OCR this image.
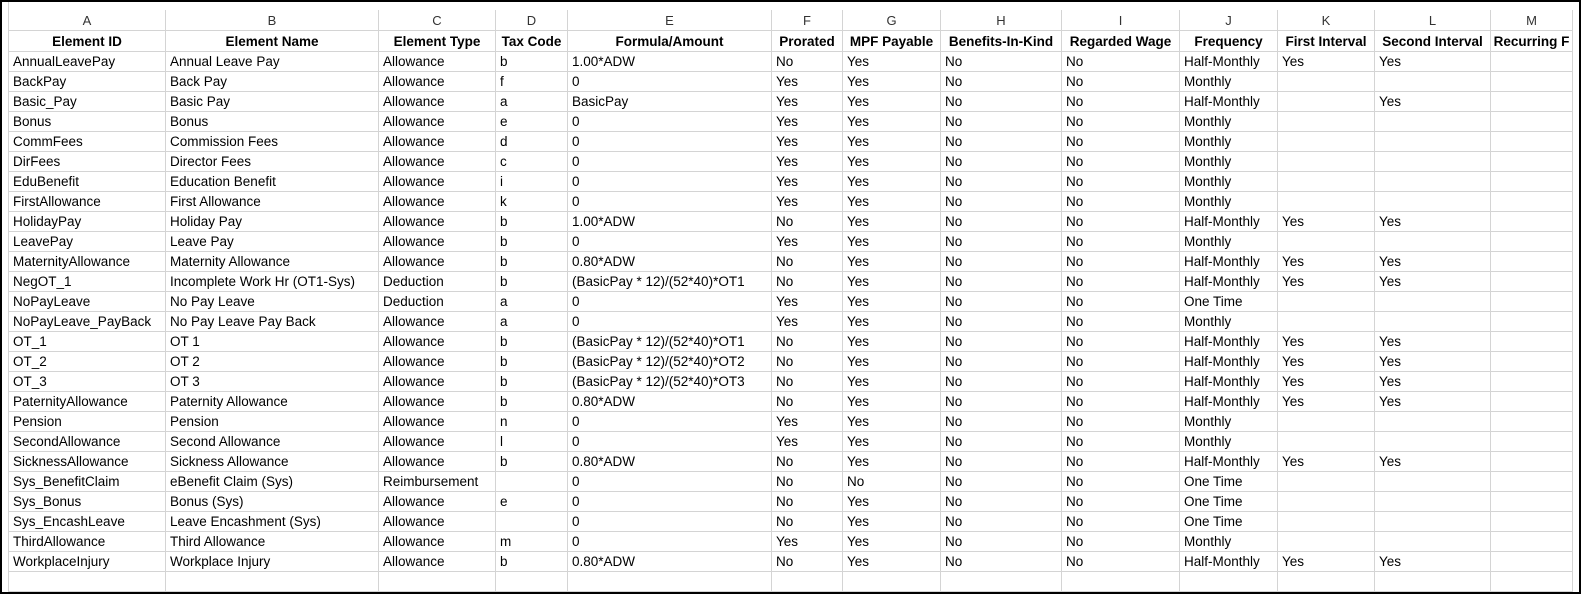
A	B	C	D	E	F	G	H	I	J	K	L	M
Element ID	Element Name	Element Type	Tax Code	Formula/Amount	Prorated	MPF Payable	Benefits-In-Kind	Regarded Wage	Frequency	First Interval	Second Interval	Recurring F
AnnualLeavePay	Annual Leave Pay	Allowance	b	1.00*ADW	No	Yes	No	No	Half-Monthly	Yes	Yes	
BackPay	Back Pay	Allowance	f	0	Yes	Yes	No	No	Monthly			
Basic_Pay	Basic Pay	Allowance	a	BasicPay	Yes	Yes	No	No	Half-Monthly		Yes	
Bonus	Bonus	Allowance	e	0	Yes	Yes	No	No	Monthly			
CommFees	Commission Fees	Allowance	d	0	Yes	Yes	No	No	Monthly			
DirFees	Director Fees	Allowance	c	0	Yes	Yes	No	No	Monthly			
EduBenefit	Education Benefit	Allowance	i	0	Yes	Yes	No	No	Monthly			
FirstAllowance	First Allowance	Allowance	k	0	Yes	Yes	No	No	Monthly			
HolidayPay	Holiday Pay	Allowance	b	1.00*ADW	No	Yes	No	No	Half-Monthly	Yes	Yes	
LeavePay	Leave Pay	Allowance	b	0	Yes	Yes	No	No	Monthly			
MaternityAllowance	Maternity Allowance	Allowance	b	0.80*ADW	No	Yes	No	No	Half-Monthly	Yes	Yes	
NegOT_1	Incomplete Work Hr (OT1-Sys)	Deduction	b	(BasicPay * 12)/(52*40)*OT1	No	Yes	No	No	Half-Monthly	Yes	Yes	
NoPayLeave	No Pay Leave	Deduction	a	0	Yes	Yes	No	No	One Time			
NoPayLeave_PayBack	No Pay Leave Pay Back	Allowance	a	0	Yes	Yes	No	No	Monthly			
OT_1	OT 1	Allowance	b	(BasicPay * 12)/(52*40)*OT1	No	Yes	No	No	Half-Monthly	Yes	Yes	
OT_2	OT 2	Allowance	b	(BasicPay * 12)/(52*40)*OT2	No	Yes	No	No	Half-Monthly	Yes	Yes	
OT_3	OT 3	Allowance	b	(BasicPay * 12)/(52*40)*OT3	No	Yes	No	No	Half-Monthly	Yes	Yes	
PaternityAllowance	Paternity Allowance	Allowance	b	0.80*ADW	No	Yes	No	No	Half-Monthly	Yes	Yes	
Pension	Pension	Allowance	n	0	Yes	Yes	No	No	Monthly			
SecondAllowance	Second Allowance	Allowance	l	0	Yes	Yes	No	No	Monthly			
SicknessAllowance	Sickness Allowance	Allowance	b	0.80*ADW	No	Yes	No	No	Half-Monthly	Yes	Yes	
Sys_BenefitClaim	eBenefit Claim (Sys)	Reimbursement		0	No	No	No	No	One Time			
Sys_Bonus	Bonus (Sys)	Allowance	e	0	No	Yes	No	No	One Time			
Sys_EncashLeave	Leave Encashment (Sys)	Allowance		0	No	Yes	No	No	One Time			
ThirdAllowance	Third Allowance	Allowance	m	0	Yes	Yes	No	No	Monthly			
WorkplaceInjury	Workplace Injury	Allowance	b	0.80*ADW	No	Yes	No	No	Half-Monthly	Yes	Yes	
